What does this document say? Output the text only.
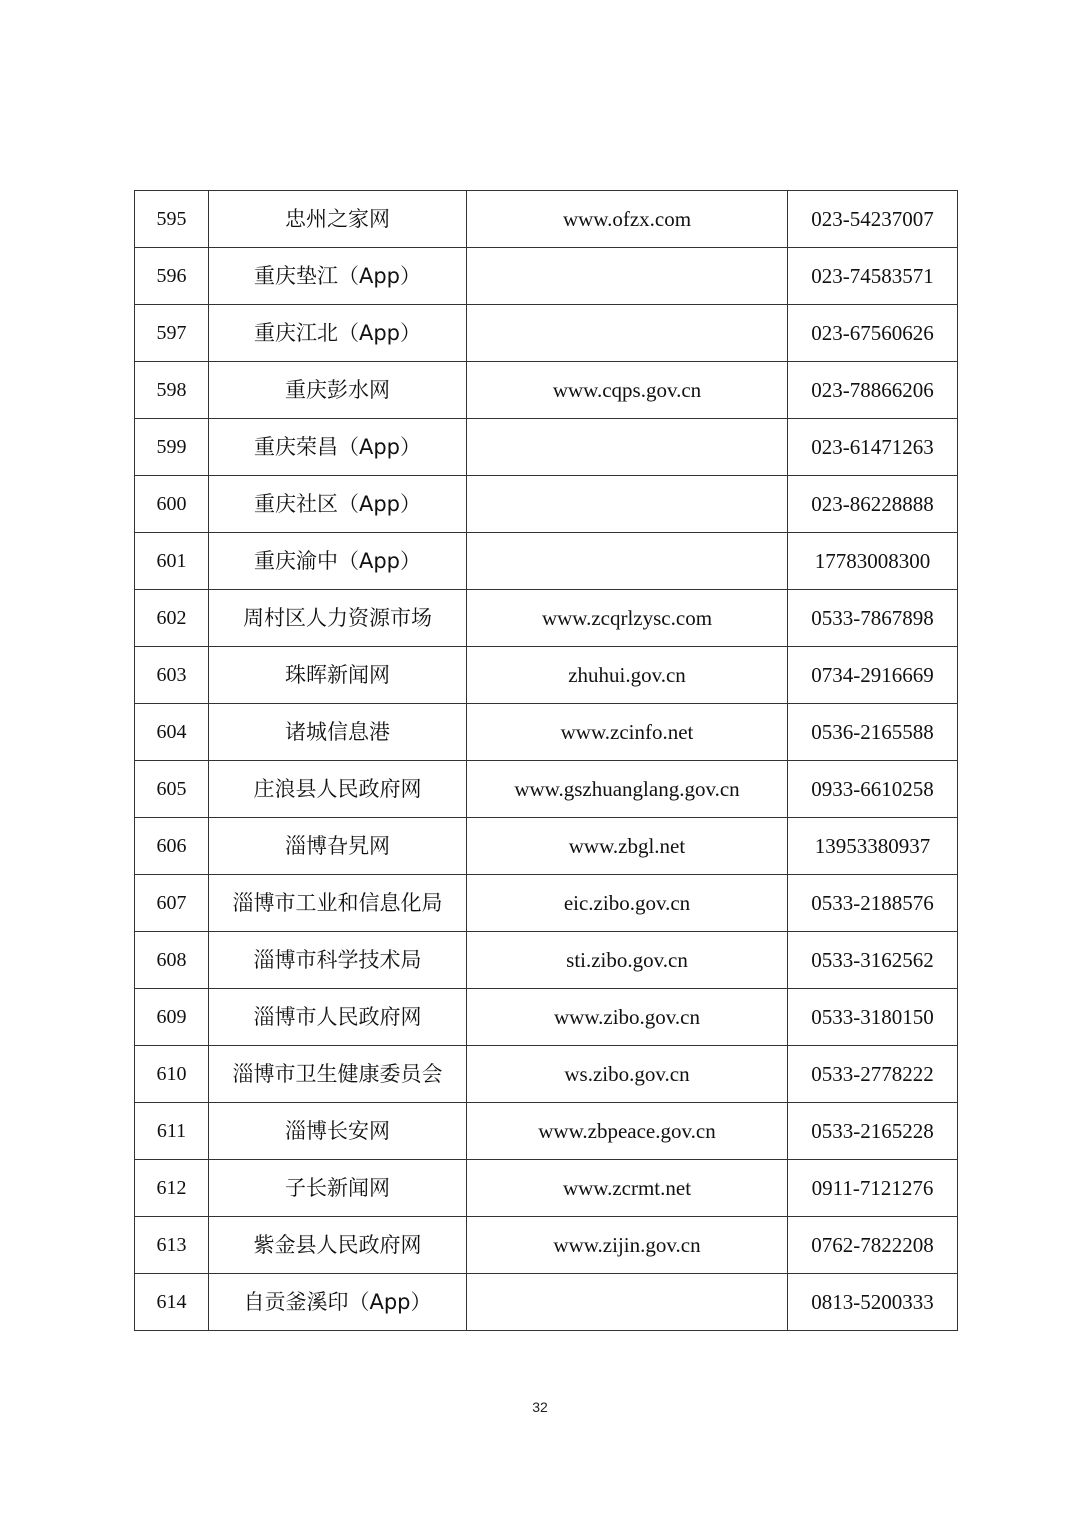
595	忠州之家网	www.ofzx.com	023-54237007
596	重庆垫江（App）		023-74583571
597	重庆江北（App）		023-67560626
598	重庆彭水网	www.cqps.gov.cn	023-78866206
599	重庆荣昌（App）		023-61471263
600	重庆社区（App）		023-86228888
601	重庆渝中（App）		17783008300
602	周村区人力资源市场	www.zcqrlzysc.com	0533-7867898
603	珠晖新闻网	zhuhui.gov.cn	0734-2916669
604	诸城信息港	www.zcinfo.net	0536-2165588
605	庄浪县人民政府网	www.gszhuanglang.gov.cn	0933-6610258
606	淄博旮旯网	www.zbgl.net	13953380937
607	淄博市工业和信息化局	eic.zibo.gov.cn	0533-2188576
608	淄博市科学技术局	sti.zibo.gov.cn	0533-3162562
609	淄博市人民政府网	www.zibo.gov.cn	0533-3180150
610	淄博市卫生健康委员会	ws.zibo.gov.cn	0533-2778222
611	淄博长安网	www.zbpeace.gov.cn	0533-2165228
612	子长新闻网	www.zcrmt.net	0911-7121276
613	紫金县人民政府网	www.zijin.gov.cn	0762-7822208
614	自贡釜溪印（App）		0813-5200333
32
